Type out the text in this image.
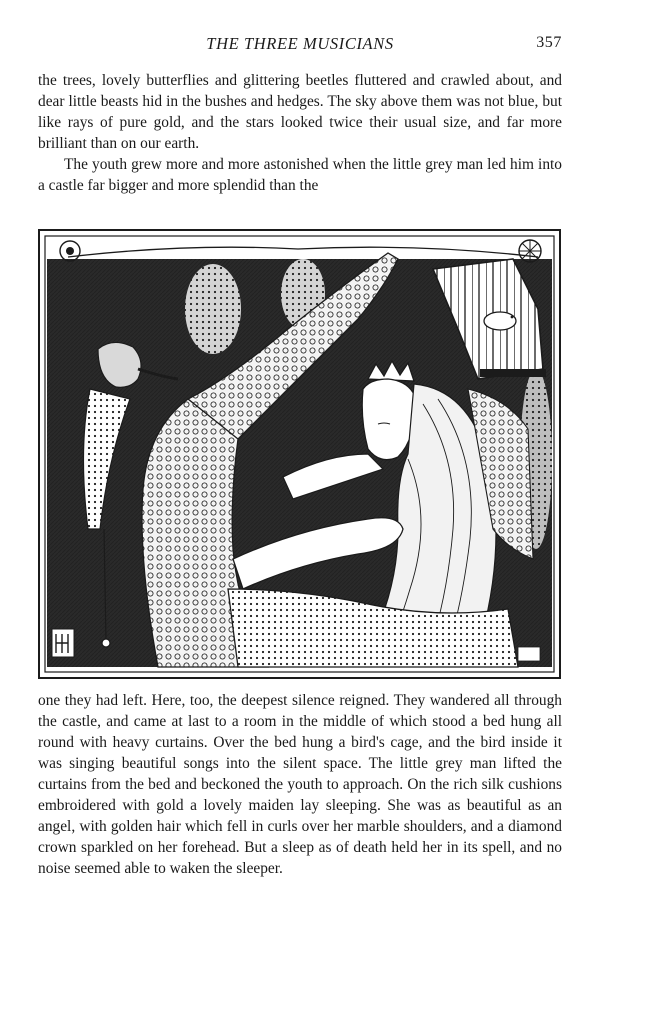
THE THREE MUSICIANS	357

the trees, lovely butterflies and glittering beetles fluttered and crawled about, and dear little beasts hid in the bushes and hedges. The sky above them was not blue, but like rays of pure gold, and the stars looked twice their usual size, and far more brilliant than on our earth.

The youth grew more and more astonished when the little grey man led him into a castle far bigger and more splendid than the

one they had left. Here, too, the deepest silence reigned. They wandered all through the castle, and came at last to a room in the middle of which stood a bed hung all round with heavy curtains. Over the bed hung a bird's cage, and the bird inside it was singing beautiful songs into the silent space. The little grey man lifted the curtains from the bed and beckoned the youth to approach. On the rich silk cushions embroidered with gold a lovely maiden lay sleeping. She was as beautiful as an angel, with golden hair which fell in curls over her marble shoulders, and a diamond crown sparkled on her forehead. But a sleep as of death held her in its spell, and no noise seemed able to waken the sleeper.
